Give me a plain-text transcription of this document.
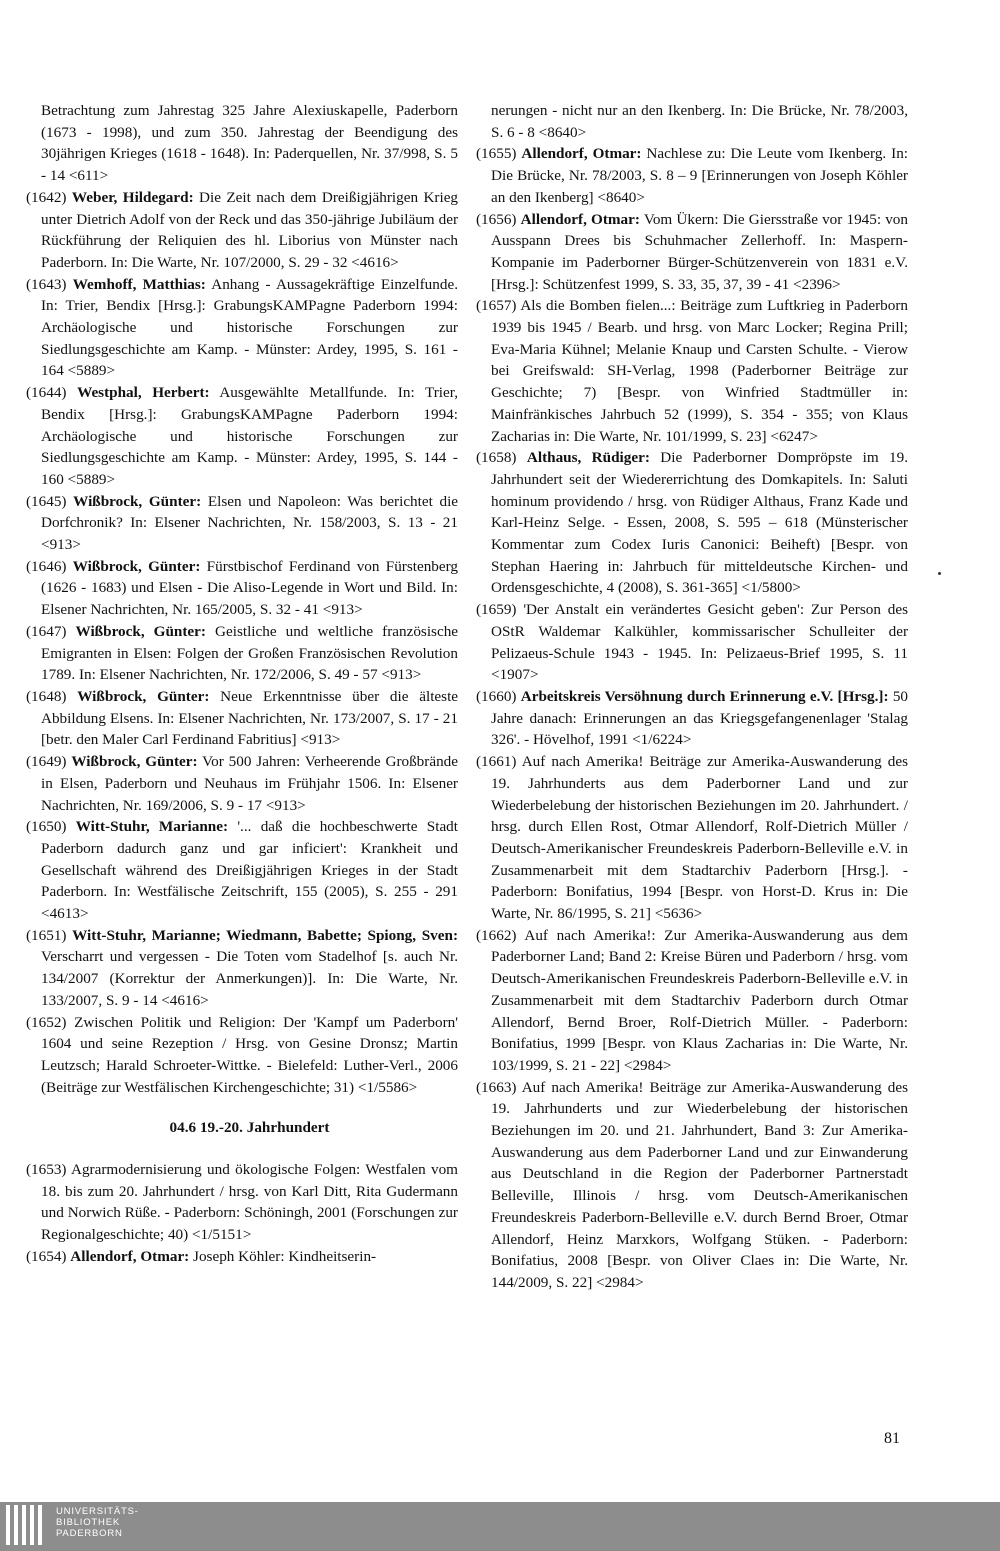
Betrachtung zum Jahrestag 325 Jahre Alexiuskapelle, Paderborn (1673 - 1998), und zum 350. Jahrestag der Beendigung des 30jährigen Krieges (1618 - 1648). In: Paderquellen, Nr. 37/998, S. 5 - 14 <611>

(1642) Weber, Hildegard: Die Zeit nach dem Dreißigjährigen Krieg unter Dietrich Adolf von der Reck und das 350-jährige Jubiläum der Rückführung der Reliquien des hl. Liborius von Münster nach Paderborn. In: Die Warte, Nr. 107/2000, S. 29 - 32 <4616>

(1643) Wemhoff, Matthias: Anhang - Aussagekräftige Einzelfunde. In: Trier, Bendix [Hrsg.]: GrabungsKAMPagne Paderborn 1994: Archäologische und historische Forschungen zur Siedlungsgeschichte am Kamp. - Münster: Ardey, 1995, S. 161 - 164 <5889>

(1644) Westphal, Herbert: Ausgewählte Metallfunde. In: Trier, Bendix [Hrsg.]: GrabungsKAMPagne Paderborn 1994: Archäologische und historische Forschungen zur Siedlungsgeschichte am Kamp. - Münster: Ardey, 1995, S. 144 - 160 <5889>

(1645) Wißbrock, Günter: Elsen und Napoleon: Was berichtet die Dorfchronik? In: Elsener Nachrichten, Nr. 158/2003, S. 13 - 21 <913>

(1646) Wißbrock, Günter: Fürstbischof Ferdinand von Fürstenberg (1626 - 1683) und Elsen - Die Aliso-Legende in Wort und Bild. In: Elsener Nachrichten, Nr. 165/2005, S. 32 - 41 <913>

(1647) Wißbrock, Günter: Geistliche und weltliche französische Emigranten in Elsen: Folgen der Großen Französischen Revolution 1789. In: Elsener Nachrichten, Nr. 172/2006, S. 49 - 57 <913>

(1648) Wißbrock, Günter: Neue Erkenntnisse über die älteste Abbildung Elsens. In: Elsener Nachrichten, Nr. 173/2007, S. 17 - 21 [betr. den Maler Carl Ferdinand Fabritius] <913>

(1649) Wißbrock, Günter: Vor 500 Jahren: Verheerende Großbrände in Elsen, Paderborn und Neuhaus im Frühjahr 1506. In: Elsener Nachrichten, Nr. 169/2006, S. 9 - 17 <913>

(1650) Witt-Stuhr, Marianne: '... daß die hochbeschwerte Stadt Paderborn dadurch ganz und gar inficiert': Krankheit und Gesellschaft während des Dreißigjährigen Krieges in der Stadt Paderborn. In: Westfälische Zeitschrift, 155 (2005), S. 255 - 291 <4613>

(1651) Witt-Stuhr, Marianne; Wiedmann, Babette; Spiong, Sven: Verscharrt und vergessen - Die Toten vom Stadelhof [s. auch Nr. 134/2007 (Korrektur der Anmerkungen)]. In: Die Warte, Nr. 133/2007, S. 9 - 14 <4616>

(1652) Zwischen Politik und Religion: Der 'Kampf um Paderborn' 1604 und seine Rezeption / Hrsg. von Gesine Dronsz; Martin Leutzsch; Harald Schroeter-Wittke. - Bielefeld: Luther-Verl., 2006 (Beiträge zur Westfälischen Kirchengeschichte; 31) <1/5586>

04.6 19.-20. Jahrhundert

(1653) Agrarmodernisierung und ökologische Folgen: Westfalen vom 18. bis zum 20. Jahrhundert / hrsg. von Karl Ditt, Rita Gudermann und Norwich Rüße. - Paderborn: Schöningh, 2001 (Forschungen zur Regionalgeschichte; 40) <1/5151>

(1654) Allendorf, Otmar: Joseph Köhler: Kindheitserin-

nerungen - nicht nur an den Ikenberg. In: Die Brücke, Nr. 78/2003, S. 6 - 8 <8640>

(1655) Allendorf, Otmar: Nachlese zu: Die Leute vom Ikenberg. In: Die Brücke, Nr. 78/2003, S. 8 – 9 [Erinnerungen von Joseph Köhler an den Ikenberg] <8640>

(1656) Allendorf, Otmar: Vom Ükern: Die Giersstraße vor 1945: von Ausspann Drees bis Schuhmacher Zellerhoff. In: Maspern-Kompanie im Paderborner Bürger-Schützenverein von 1831 e.V. [Hrsg.]: Schützenfest 1999, S. 33, 35, 37, 39 - 41 <2396>

(1657) Als die Bomben fielen...: Beiträge zum Luftkrieg in Paderborn 1939 bis 1945 / Bearb. und hrsg. von Marc Locker; Regina Prill; Eva-Maria Kühnel; Melanie Knaup und Carsten Schulte. - Vierow bei Greifswald: SH-Verlag, 1998 (Paderborner Beiträge zur Geschichte; 7) [Bespr. von Winfried Stadtmüller in: Mainfränkisches Jahrbuch 52 (1999), S. 354 - 355; von Klaus Zacharias in: Die Warte, Nr. 101/1999, S. 23] <6247>

(1658) Althaus, Rüdiger: Die Paderborner Dompröpste im 19. Jahrhundert seit der Wiedererrichtung des Domkapitels. In: Saluti hominum providendo / hrsg. von Rüdiger Althaus, Franz Kade und Karl-Heinz Selge. - Essen, 2008, S. 595 – 618 (Münsterischer Kommentar zum Codex Iuris Canonici: Beiheft) [Bespr. von Stephan Haering in: Jahrbuch für mitteldeutsche Kirchen- und Ordensgeschichte, 4 (2008), S. 361-365] <1/5800>

(1659) 'Der Anstalt ein verändertes Gesicht geben': Zur Person des OStR Waldemar Kalkühler, kommissarischer Schulleiter der Pelizaeus-Schule 1943 - 1945. In: Pelizaeus-Brief 1995, S. 11 <1907>

(1660) Arbeitskreis Versöhnung durch Erinnerung e.V. [Hrsg.]: 50 Jahre danach: Erinnerungen an das Kriegsgefangenenlager 'Stalag 326'. - Hövelhof, 1991 <1/6224>

(1661) Auf nach Amerika! Beiträge zur Amerika-Auswanderung des 19. Jahrhunderts aus dem Paderborner Land und zur Wiederbelebung der historischen Beziehungen im 20. Jahrhundert. / hrsg. durch Ellen Rost, Otmar Allendorf, Rolf-Dietrich Müller / Deutsch-Amerikanischer Freundeskreis Paderborn-Belleville e.V. in Zusammenarbeit mit dem Stadtarchiv Paderborn [Hrsg.]. - Paderborn: Bonifatius, 1994 [Bespr. von Horst-D. Krus in: Die Warte, Nr. 86/1995, S. 21] <5636>

(1662) Auf nach Amerika!: Zur Amerika-Auswanderung aus dem Paderborner Land; Band 2: Kreise Büren und Paderborn / hrsg. vom Deutsch-Amerikanischen Freundeskreis Paderborn-Belleville e.V. in Zusammenarbeit mit dem Stadtarchiv Paderborn durch Otmar Allendorf, Bernd Broer, Rolf-Dietrich Müller. - Paderborn: Bonifatius, 1999 [Bespr. von Klaus Zacharias in: Die Warte, Nr. 103/1999, S. 21 - 22] <2984>

(1663) Auf nach Amerika! Beiträge zur Amerika-Auswanderung des 19. Jahrhunderts und zur Wiederbelebung der historischen Beziehungen im 20. und 21. Jahrhundert, Band 3: Zur Amerika-Auswanderung aus dem Paderborner Land und zur Einwanderung aus Deutschland in die Region der Paderborner Partnerstadt Belleville, Illinois / hrsg. vom Deutsch-Amerikanischen Freundeskreis Paderborn-Belleville e.V. durch Bernd Broer, Otmar Allendorf, Heinz Marxkors, Wolfgang Stüken. - Paderborn: Bonifatius, 2008 [Bespr. von Oliver Claes in: Die Warte, Nr. 144/2009, S. 22] <2984>

81
UNIVERSITÄTS-
BIBLIOTHEK
PADERBORN
